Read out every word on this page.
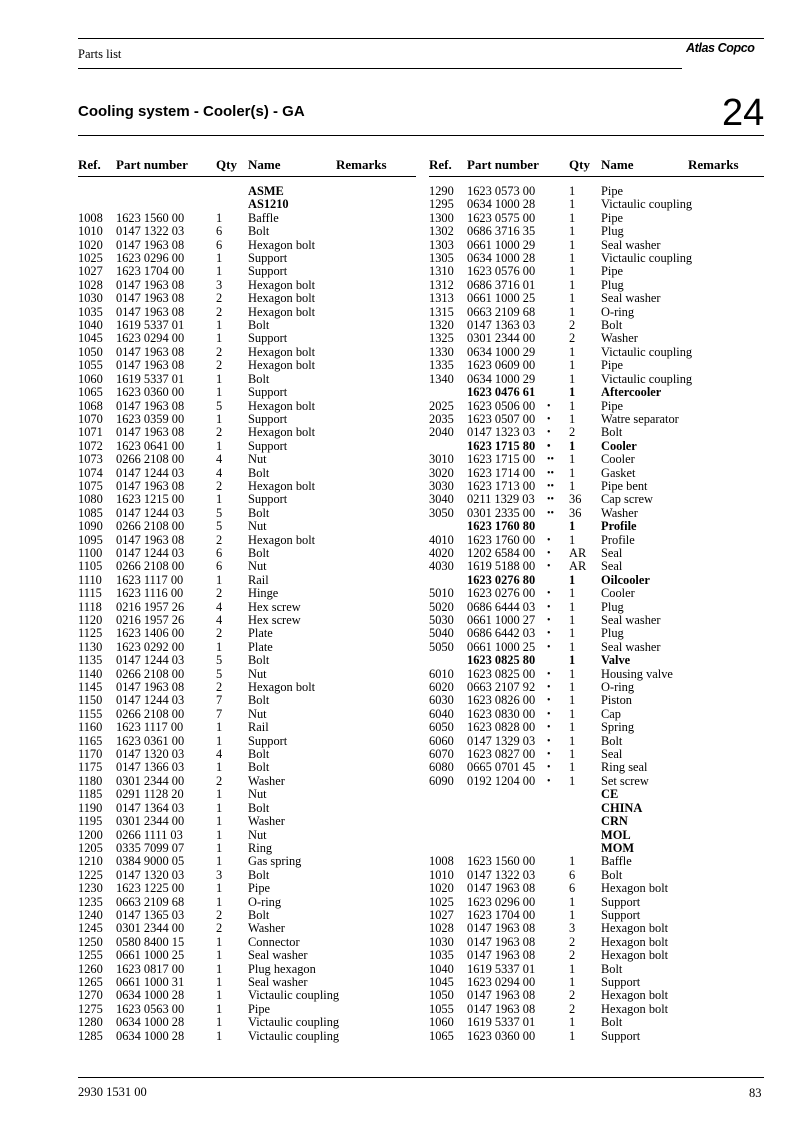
Parts list	Atlas Copco
Cooling system - Cooler(s) - GA	24
Ref. Part number Qty Name	Remarks	Ref. Part number Qty Name	Remarks
ASME
AS1210
1008 1623 1560 00	1 Baffle
1010 0147 1322 03	6 Bolt
1020 0147 1963 08	6 Hexagon bolt
1025 1623 0296 00	1 Support
1027 1623 1704 00	1 Support
1028 0147 1963 08	3 Hexagon bolt
1030 0147 1963 08	2 Hexagon bolt
1035 0147 1963 08	2 Hexagon bolt
1040 1619 5337 01	1 Bolt
1045 1623 0294 00	1 Support
1050 0147 1963 08	2 Hexagon bolt
1055 0147 1963 08	2 Hexagon bolt
1060 1619 5337 01	1 Bolt
1065 1623 0360 00	1 Support
1068 0147 1963 08	5 Hexagon bolt
1070 1623 0359 00	1 Support
1071 0147 1963 08	2 Hexagon bolt
1072 1623 0641 00	1 Support
1073 0266 2108 00	4 Nut
1074 0147 1244 03	4 Bolt
1075 0147 1963 08	2 Hexagon bolt
1080 1623 1215 00	1 Support
1085 0147 1244 03	5 Bolt
1090 0266 2108 00	5 Nut
1095 0147 1963 08	2 Hexagon bolt
1100 0147 1244 03	6 Bolt
1105 0266 2108 00	6 Nut
1110 1623 1117 00	1 Rail
1115 1623 1116 00	2 Hinge
1118 0216 1957 26	4 Hex screw
1120 0216 1957 26	4 Hex screw
1125 1623 1406 00	2 Plate
1130 1623 0292 00	1 Plate
1135 0147 1244 03	5 Bolt
1140 0266 2108 00	5 Nut
1145 0147 1963 08	2 Hexagon bolt
1150 0147 1244 03	7 Bolt
1155 0266 2108 00	7 Nut
1160 1623 1117 00	1 Rail
1165 1623 0361 00	1 Support
1170 0147 1320 03	4 Bolt
1175 0147 1366 03	1 Bolt
1180 0301 2344 00	2 Washer
1185 0291 1128 20	1 Nut
1190 0147 1364 03	1 Bolt
1195 0301 2344 00	1 Washer
1200 0266 1111 03	1 Nut
1205 0335 7099 07	1 Ring
1210 0384 9000 05	1 Gas spring
1225 0147 1320 03	3 Bolt
1230 1623 1225 00	1 Pipe
1235 0663 2109 68	1 O-ring
1240 0147 1365 03	2 Bolt
1245 0301 2344 00	2 Washer
1250 0580 8400 15	1 Connector
1255 0661 1000 25	1 Seal washer
1260 1623 0817 00	1 Plug hexagon
1265 0661 1000 31	1 Seal washer
1270 0634 1000 28	1 Victaulic coupling
1275 1623 0563 00	1 Pipe
1280 0634 1000 28	1 Victaulic coupling
1285 0634 1000 28	1 Victaulic coupling
1290 1623 0573 00	1 Pipe
1295 0634 1000 28	1 Victaulic coupling
1300 1623 0575 00	1 Pipe
1302 0686 3716 35	1 Plug
1303 0661 1000 29	1 Seal washer
1305 0634 1000 28	1 Victaulic coupling
1310 1623 0576 00	1 Pipe
1312 0686 3716 01	1 Plug
1313 0661 1000 25	1 Seal washer
1315 0663 2109 68	1 O-ring
1320 0147 1363 03	2 Bolt
1325 0301 2344 00	2 Washer
1330 0634 1000 29	1 Victaulic coupling
1335 1623 0609 00	1 Pipe
1340 0634 1000 29	1 Victaulic coupling
1623 0476 61	1 Aftercooler
2025 1623 0506 00 • 1 Pipe
2035 1623 0507 00 • 1 Watre separator
2040 0147 1323 03 • 2 Bolt
1623 1715 80 • 1 Cooler
3010 1623 1715 00 •• 1 Cooler
3020 1623 1714 00 •• 1 Gasket
3030 1623 1713 00 •• 1 Pipe bent
3040 0211 1329 03 •• 36 Cap screw
3050 0301 2335 00 •• 36 Washer
1623 1760 80	1 Profile
4010 1623 1760 00 • 1 Profile
4020 1202 6584 00 • AR Seal
4030 1619 5188 00 • AR Seal
1623 0276 80	1 Oilcooler
5010 1623 0276 00 • 1 Cooler
5020 0686 6444 03 • 1 Plug
5030 0661 1000 27 • 1 Seal washer
5040 0686 6442 03 • 1 Plug
5050 0661 1000 25 • 1 Seal washer
1623 0825 80	1 Valve
6010 1623 0825 00 • 1 Housing valve
6020 0663 2107 92 • 1 O-ring
6030 1623 0826 00 • 1 Piston
6040 1623 0830 00 • 1 Cap
6050 1623 0828 00 • 1 Spring
6060 0147 1329 03 • 1 Bolt
6070 1623 0827 00 • 1 Seal
6080 0665 0701 45 • 1 Ring seal
6090 0192 1204 00 • 1 Set screw
CE
CHINA
CRN
MOL
MOM
1008 1623 1560 00	1 Baffle
1010 0147 1322 03	6 Bolt
1020 0147 1963 08	6 Hexagon bolt
1025 1623 0296 00	1 Support
1027 1623 1704 00	1 Support
1028 0147 1963 08	3 Hexagon bolt
1030 0147 1963 08	2 Hexagon bolt
1035 0147 1963 08	2 Hexagon bolt
1040 1619 5337 01	1 Bolt
1045 1623 0294 00	1 Support
1050 0147 1963 08	2 Hexagon bolt
1055 0147 1963 08	2 Hexagon bolt
1060 1619 5337 01	1 Bolt
1065 1623 0360 00	1 Support
2930 1531 00	83
